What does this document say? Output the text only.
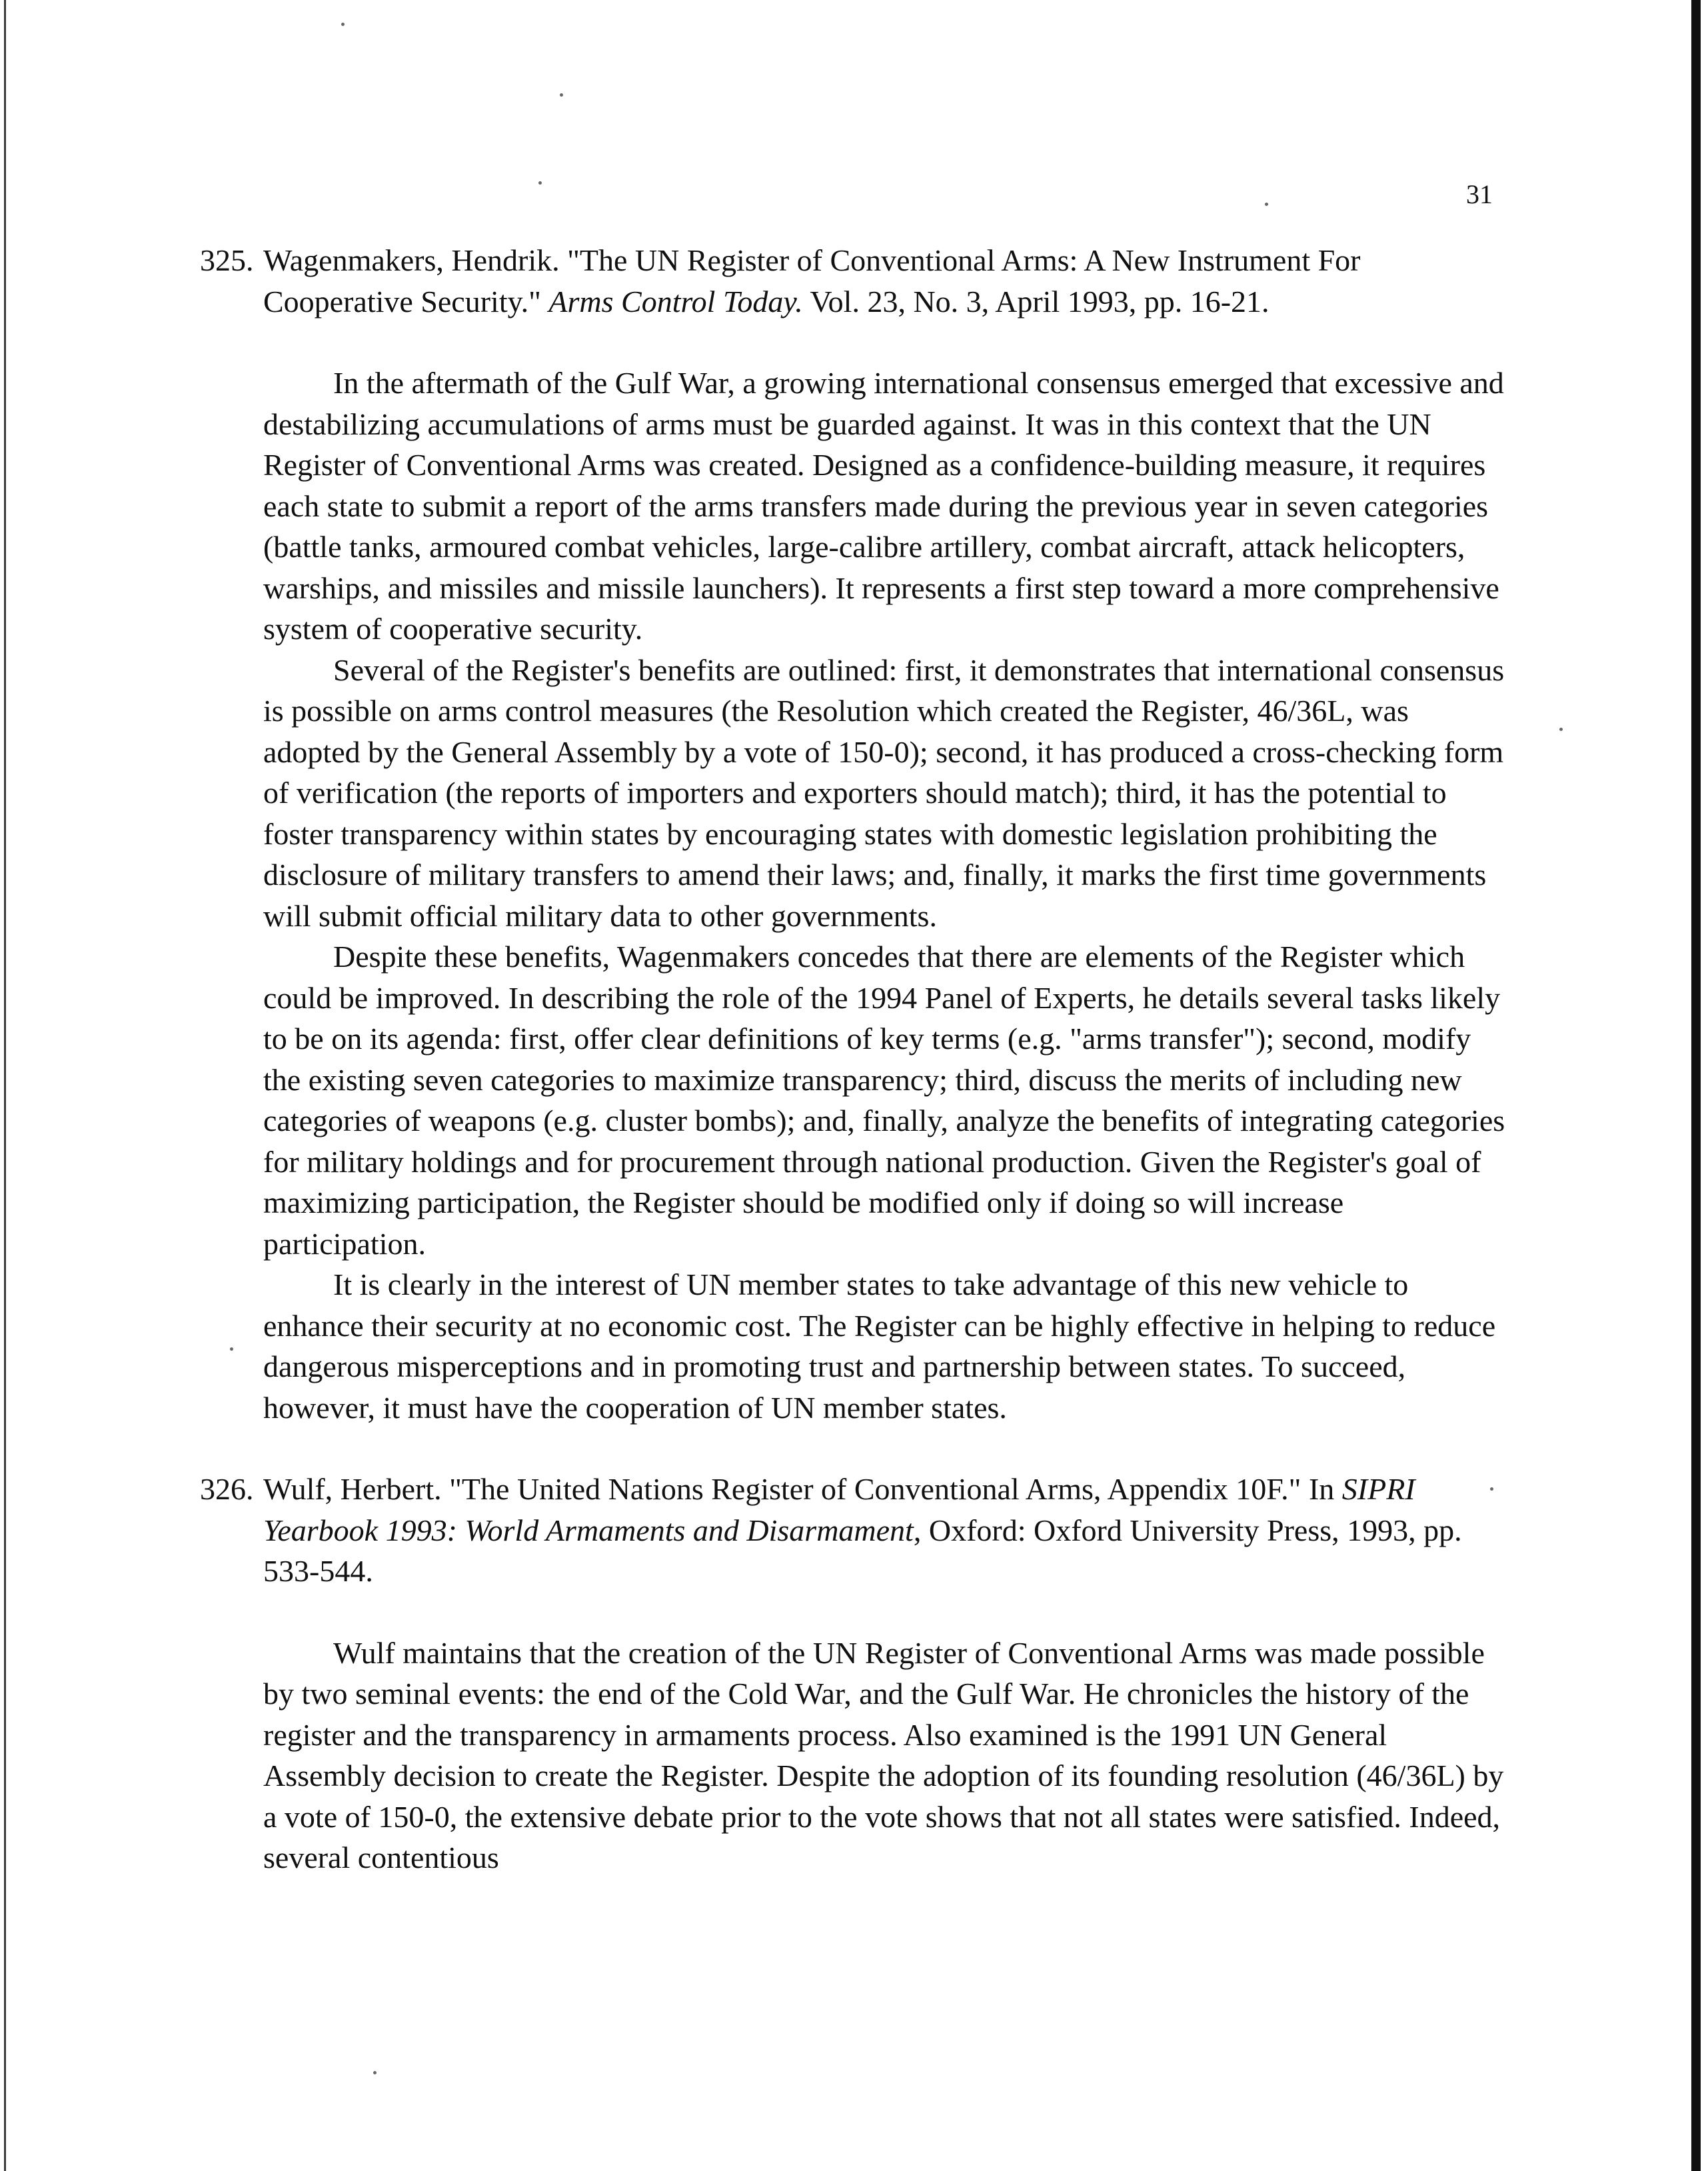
31
325. Wagenmakers, Hendrik. "The UN Register of Conventional Arms: A New Instrument For Cooperative Security." Arms Control Today. Vol. 23, No. 3, April 1993, pp. 16-21.

In the aftermath of the Gulf War, a growing international consensus emerged that excessive and destabilizing accumulations of arms must be guarded against. It was in this context that the UN Register of Conventional Arms was created. Designed as a confidence-building measure, it requires each state to submit a report of the arms transfers made during the previous year in seven categories (battle tanks, armoured combat vehicles, large-calibre artillery, combat aircraft, attack helicopters, warships, and missiles and missile launchers). It represents a first step toward a more comprehensive system of cooperative security.

Several of the Register's benefits are outlined: first, it demonstrates that international consensus is possible on arms control measures (the Resolution which created the Register, 46/36L, was adopted by the General Assembly by a vote of 150-0); second, it has produced a cross-checking form of verification (the reports of importers and exporters should match); third, it has the potential to foster transparency within states by encouraging states with domestic legislation prohibiting the disclosure of military transfers to amend their laws; and, finally, it marks the first time governments will submit official military data to other governments.

Despite these benefits, Wagenmakers concedes that there are elements of the Register which could be improved. In describing the role of the 1994 Panel of Experts, he details several tasks likely to be on its agenda: first, offer clear definitions of key terms (e.g. "arms transfer"); second, modify the existing seven categories to maximize transparency; third, discuss the merits of including new categories of weapons (e.g. cluster bombs); and, finally, analyze the benefits of integrating categories for military holdings and for procurement through national production. Given the Register's goal of maximizing participation, the Register should be modified only if doing so will increase participation.

It is clearly in the interest of UN member states to take advantage of this new vehicle to enhance their security at no economic cost. The Register can be highly effective in helping to reduce dangerous misperceptions and in promoting trust and partnership between states. To succeed, however, it must have the cooperation of UN member states.

326. Wulf, Herbert. "The United Nations Register of Conventional Arms, Appendix 10F." In SIPRI Yearbook 1993: World Armaments and Disarmament, Oxford: Oxford University Press, 1993, pp. 533-544.

Wulf maintains that the creation of the UN Register of Conventional Arms was made possible by two seminal events: the end of the Cold War, and the Gulf War. He chronicles the history of the register and the transparency in armaments process. Also examined is the 1991 UN General Assembly decision to create the Register. Despite the adoption of its founding resolution (46/36L) by a vote of 150-0, the extensive debate prior to the vote shows that not all states were satisfied. Indeed, several contentious
